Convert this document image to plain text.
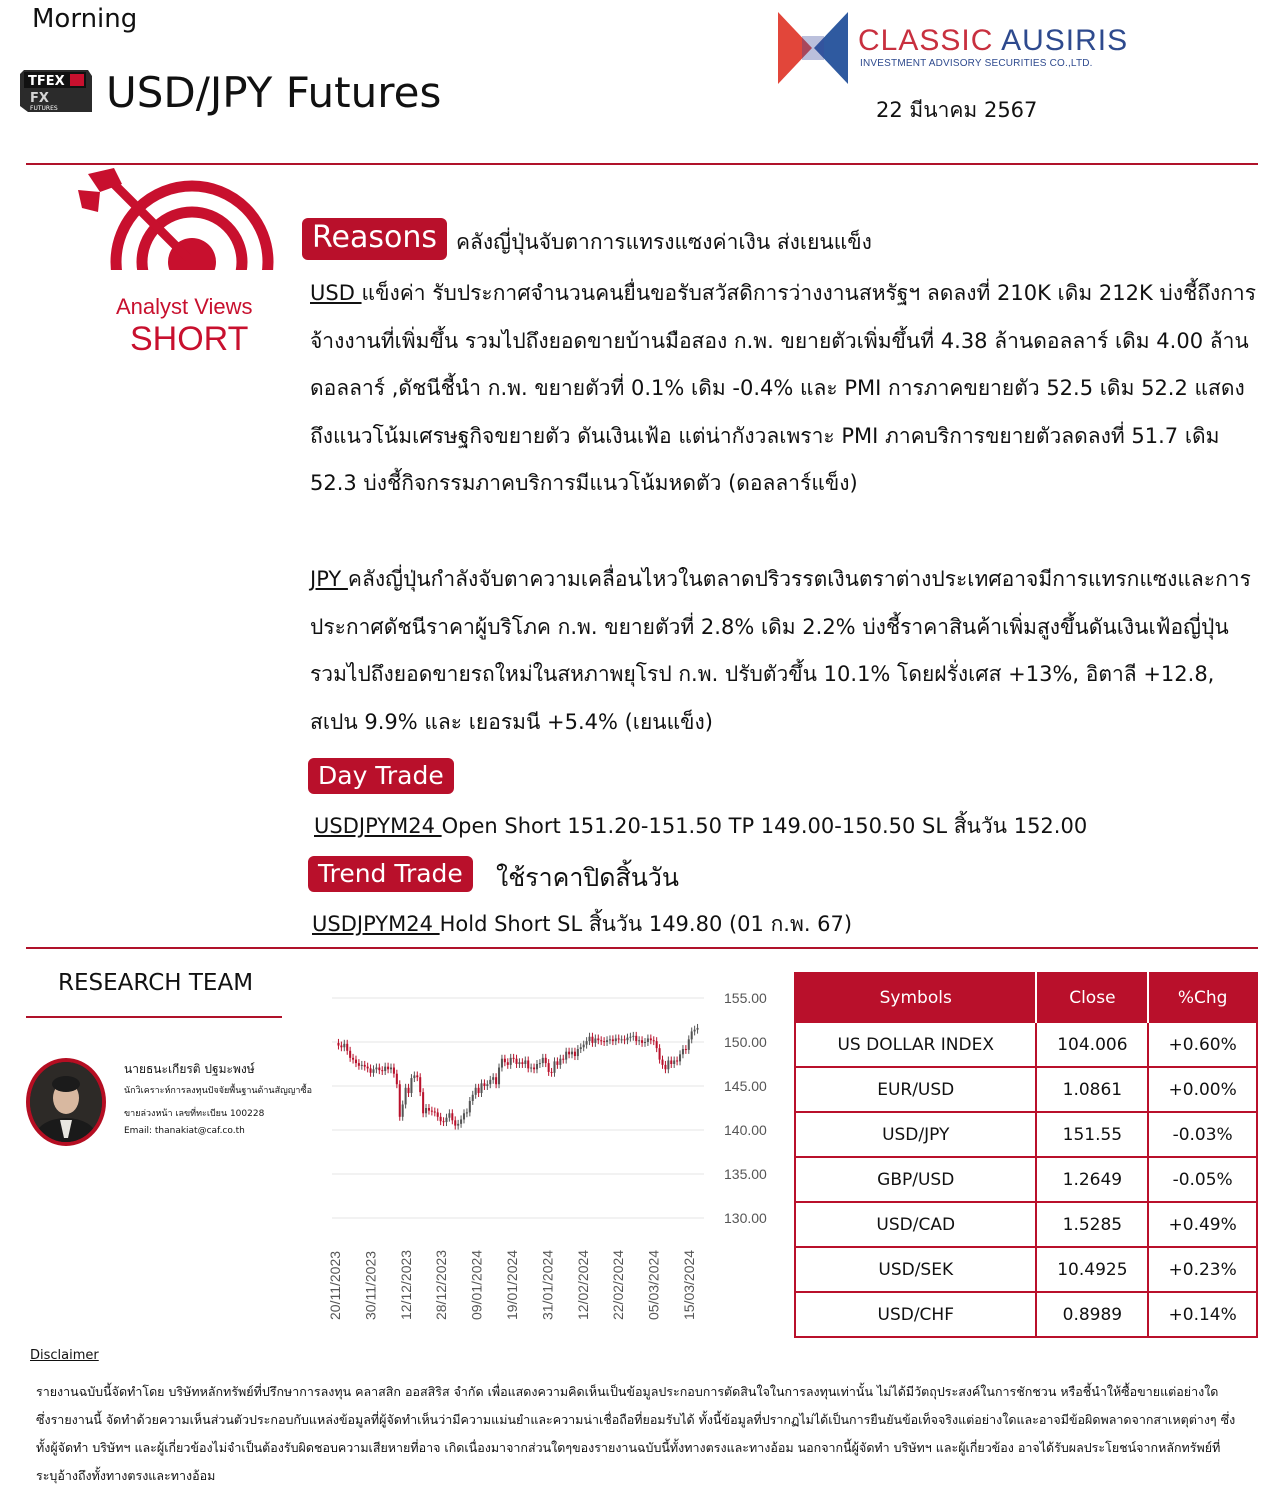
Morning
TFEX
FX
FUTURES USD/JPY Futures
CLASSIC AUSIRIS
INVESTMENT ADVISORY SECURITIES CO.,LTD.
22 มีนาคม 2567
Analyst Views
SHORT
Reasons คลังญี่ปุ่นจับตาการแทรงแซงค่าเงิน ส่งเยนแข็ง
USD แข็งค่า รับประกาศจำนวนคนยื่นขอรับสวัสดิการว่างงานสหรัฐฯ ลดลงที่ 210K เดิม 212K บ่งชี้ถึงการจ้างงานที่เพิ่มขึ้น รวมไปถึงยอดขายบ้านมือสอง ก.พ. ขยายตัวเพิ่มขึ้นที่ 4.38 ล้านดอลลาร์ เดิม 4.00 ล้านดอลลาร์ ,ดัชนีชี้นำ ก.พ. ขยายตัวที่ 0.1% เดิม -0.4% และ PMI การภาคขยายตัว 52.5 เดิม 52.2 แสดงถึงแนวโน้มเศรษฐกิจขยายตัว ดันเงินเฟ้อ แต่น่ากังวลเพราะ PMI ภาคบริการขยายตัวลดลงที่ 51.7 เดิม 52.3 บ่งชี้กิจกรรมภาคบริการมีแนวโน้มหดตัว (ดอลลาร์แข็ง)
JPY คลังญี่ปุ่นกำลังจับตาความเคลื่อนไหวในตลาดปริวรรตเงินตราต่างประเทศอาจมีการแทรกแซงและการประกาศดัชนีราคาผู้บริโภค ก.พ. ขยายตัวที่ 2.8% เดิม 2.2% บ่งชี้ราคาสินค้าเพิ่มสูงขึ้นดันเงินเฟ้อญี่ปุ่น รวมไปถึงยอดขายรถใหม่ในสหภาพยุโรป ก.พ. ปรับตัวขึ้น 10.1% โดยฝรั่งเศส +13%, อิตาลี +12.8, สเปน 9.9% และ เยอรมนี +5.4% (เยนแข็ง)
Day Trade
USDJPYM24 Open Short 151.20-151.50 TP 149.00-150.50 SL สิ้นวัน 152.00
Trend Trade	ใช้ราคาปิดสิ้นวัน
USDJPYM24 Hold Short SL สิ้นวัน 149.80 (01 ก.พ. 67)
RESEARCH TEAM
นายธนะเกียรติ ปฐมะพงษ์
นักวิเคราะห์การลงทุนปัจจัยพื้นฐานด้านสัญญาซื้อ
ขายล่วงหน้า เลขที่ทะเบียน 100228
Email: thanakiat@caf.co.th
155.00
150.00
145.00
140.00
135.00
130.00
20/11/2023 30/11/2023 12/12/2023 28/12/2023 09/01/2024 19/01/2024 31/01/2024 12/02/2024 22/02/2024 05/03/2024 15/03/2024
Symbols	Close	%Chg
US DOLLAR INDEX	104.006	+0.60%
EUR/USD	1.0861	+0.00%
USD/JPY	151.55	-0.03%
GBP/USD	1.2649	-0.05%
USD/CAD	1.5285	+0.49%
USD/SEK	10.4925	+0.23%
USD/CHF	0.8989	+0.14%
Disclaimer
รายงานฉบับนี้จัดทำโดย บริษัทหลักทรัพย์ที่ปรึกษาการลงทุน คลาสสิก ออสสิริส จำกัด เพื่อแสดงความคิดเห็นเป็นข้อมูลประกอบการตัดสินใจในการลงทุนเท่านั้น ไม่ได้มีวัตถุประสงค์ในการชักชวน หรือชี้นำให้ซื้อขายแต่อย่างใด ซึ่งรายงานนี้ จัดทำด้วยความเห็นส่วนตัวประกอบกับแหล่งข้อมูลที่ผู้จัดทำเห็นว่ามีความแม่นยำและความน่าเชื่อถือที่ยอมรับได้ ทั้งนี้ข้อมูลที่ปรากฏไม่ได้เป็นการยืนยันข้อเท็จจริงแต่อย่างใดและอาจมีข้อผิดพลาดจากสาเหตุต่างๆ ซึ่งทั้งผู้จัดทำ บริษัทฯ และผู้เกี่ยวข้องไม่จำเป็นต้องรับผิดชอบความเสียหายที่อาจ เกิดเนื่องมาจากส่วนใดๆของรายงานฉบับนี้ทั้งทางตรงและทางอ้อม นอกจากนี้ผู้จัดทำ บริษัทฯ และผู้เกี่ยวข้อง อาจได้รับผลประโยชน์จากหลักทรัพย์ที่ระบุอ้างถึงทั้งทางตรงและทางอ้อม
